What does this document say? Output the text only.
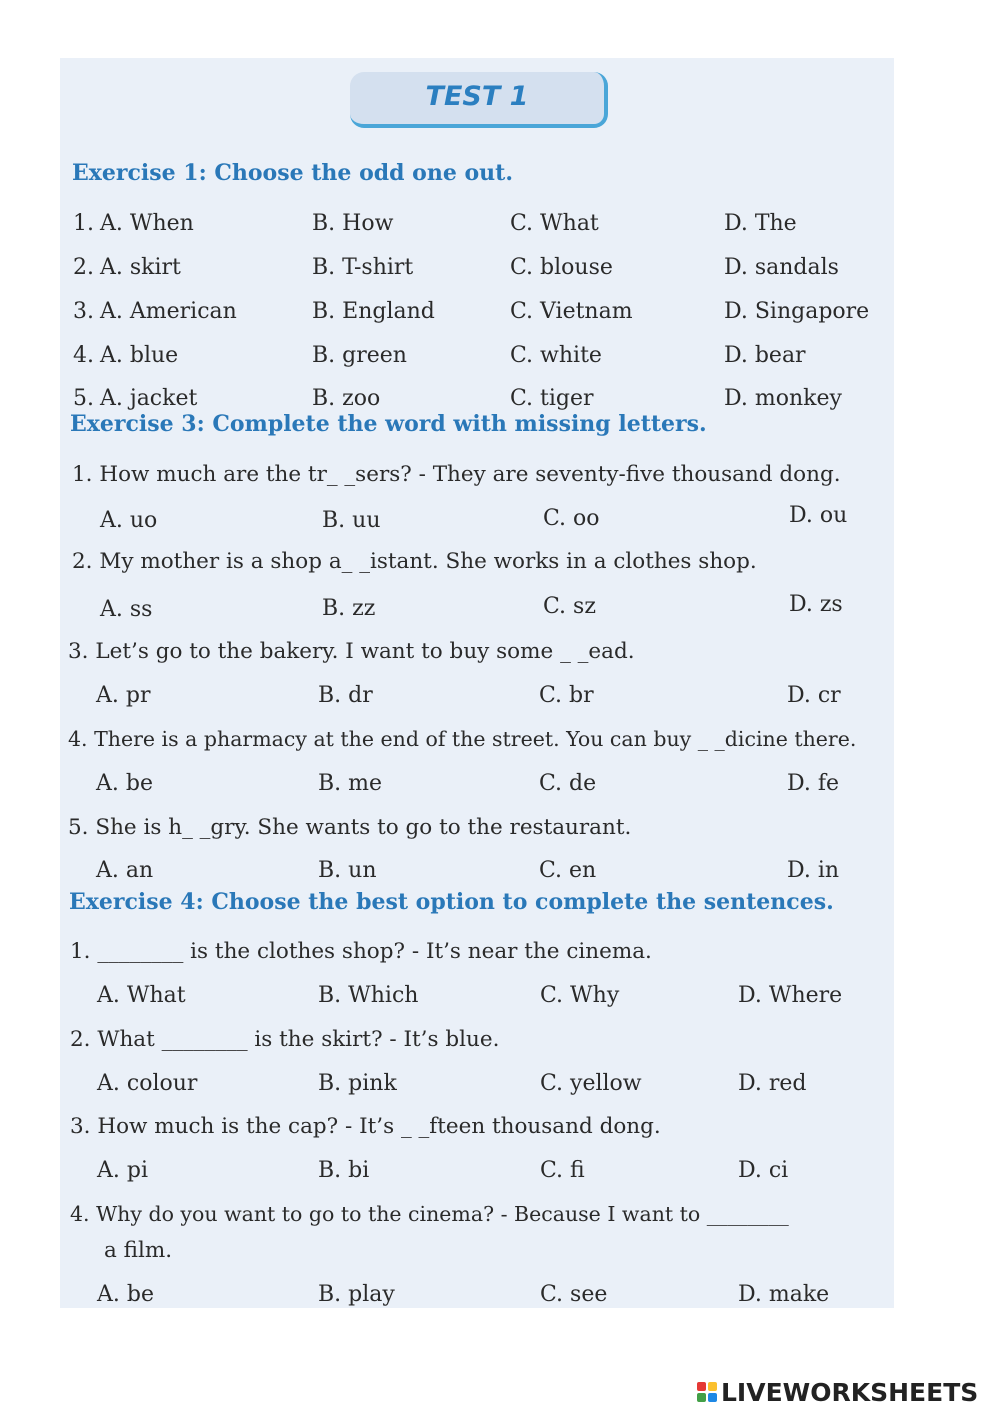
TEST 1
Exercise 1: Choose the odd one out.
1. A. When	B. How	C. What	D. The
2. A. skirt	B. T-shirt	C. blouse	D. sandals
3. A. American	B. England	C. Vietnam	D. Singapore
4. A. blue	B. green	C. white	D. bear
5. A. jacket	B. zoo	C. tiger	D. monkey
Exercise 3: Complete the word with missing letters.
1. How much are the tr_ _sers? - They are seventy-five thousand dong.
A. uo	B. uu	C. oo	D. ou
2. My mother is a shop a_ _istant. She works in a clothes shop.
A. ss	B. zz	C. sz	D. zs
3. Let’s go to the bakery. I want to buy some _ _ead.
A. pr	B. dr	C. br	D. cr
4. There is a pharmacy at the end of the street. You can buy _ _dicine there.
A. be	B. me	C. de	D. fe
5. She is h_ _gry. She wants to go to the restaurant.
A. an	B. un	C. en	D. in
Exercise 4: Choose the best option to complete the sentences.
1. ________ is the clothes shop? - It’s near the cinema.
A. What	B. Which	C. Why	D. Where
2. What ________ is the skirt? - It’s blue.
A. colour	B. pink	C. yellow	D. red
3. How much is the cap? - It’s _ _fteen thousand dong.
A. pi	B. bi	C. fi	D. ci
4. Why do you want to go to the cinema? - Because I want to ________
a film.
A. be	B. play	C. see	D. make
LIVEWORKSHEETS
